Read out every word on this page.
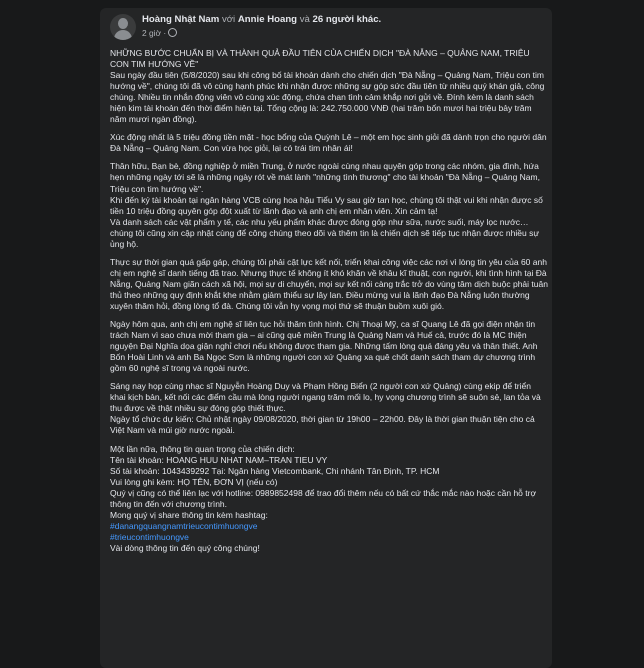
Hoàng Nhật Nam với Annie Hoang và 26 người khác.
2 giờ ·

NHỮNG BƯỚC CHUẨN BỊ VÀ THÀNH QUẢ ĐẦU TIÊN CỦA CHIẾN DỊCH "ĐÀ NẴNG – QUẢNG NAM, TRIỆU CON TIM HƯỚNG VỀ"
Sau ngày đầu tiên (5/8/2020) sau khi công bố tài khoản dành cho chiến dịch "Đà Nẵng – Quảng Nam, Triệu con tim hướng về", chúng tôi đã vô cùng hạnh phúc khi nhận được những sự góp sức đầu tiên từ nhiều quý khán giả, công chúng. Nhiều tin nhắn động viên vô cùng xúc động, chứa chan tình cảm khắp nơi gửi về. Đính kèm là danh sách hiện kim tài khoản đến thời điểm hiện tại. Tổng cộng là: 242.750.000 VNĐ (hai trăm bốn mươi hai triệu bảy trăm năm mươi ngàn đồng).

Xúc động nhất là 5 triệu đồng tiền mặt - học bổng của Quỳnh Lê – một em học sinh giỏi đã dành trọn cho người dân Đà Nẵng – Quảng Nam. Con vừa học giỏi, lại có trái tim nhân ái!

Thân hữu, Bạn bè, đồng nghiệp ở miền Trung, ở nước ngoài cùng nhau quyên góp trong các nhóm, gia đình, hứa hẹn những ngày tới sẽ là những ngày rót về mát lành "những tình thương" cho tài khoản "Đà Nẵng – Quảng Nam, Triệu con tim hướng về".
Khi đến ký tài khoản tại ngân hàng VCB cùng hoa hậu Tiểu Vy sau giờ tan học, chúng tôi thật vui khi nhận được số tiền 10 triệu đồng quyên góp đột xuất từ lãnh đạo và anh chị em nhân viên. Xin cảm tạ!
Và danh sách các vật phẩm y tế, các nhu yếu phẩm khác được đóng góp như sữa, nước suối, máy lọc nước…chúng tôi cũng xin cập nhật cùng để công chúng theo dõi và thêm tin là chiến dịch sẽ tiếp tục nhận được nhiều sự ủng hộ.

Thực sự thời gian quá gấp gáp, chúng tôi phải cật lực kết nối, triển khai công việc các nơi vì lòng tin yêu của 60 anh chị em nghệ sĩ danh tiếng đã trao. Nhưng thực tế không ít khó khăn về khâu kĩ thuật, con người, khi tình hình tại Đà Nẵng, Quảng Nam giãn cách xã hội, mọi sự di chuyển, mọi sự kết nối càng trắc trở do vùng tâm dịch buộc phải tuân thủ theo những quy định khắt khe nhằm giảm thiểu sự lây lan. Điều mừng vui là lãnh đạo Đà Nẵng luôn thường xuyên thăm hỏi, đồng lòng tổ đà. Chúng tôi vẫn hy vọng mọi thứ sẽ thuận buồm xuôi gió.

Ngày hôm qua, anh chị em nghệ sĩ liên tục hỏi thăm tình hình. Chị Thoại Mỹ, ca sĩ Quang Lê đã gọi điện nhận tin trách Nam vì sao chưa mời tham gia – ai cũng quê miền Trung là Quảng Nam và Huế cả, trước đó là MC thiện nguyện Đại Nghĩa dọa giận nghỉ chơi nếu không được tham gia. Những tấm lòng quá đáng yêu và thân thiết. Anh Bốn Hoài Linh và anh Ba Ngọc Sơn là những người con xứ Quảng xa quê chốt danh sách tham dự chương trình gồm 60 nghệ sĩ trong và ngoài nước.

Sáng nay họp cùng nhạc sĩ Nguyễn Hoàng Duy và Phạm Hồng Biển (2 người con xứ Quảng) cùng ekip để triển khai kịch bản, kết nối các điểm cầu mà lòng người ngang trăm mối lo, hy vọng chương trình sẽ suôn sẻ, lan tỏa và thu được về thật nhiều sự đóng góp thiết thực.
Ngày tổ chức dự kiến: Chủ nhật ngày 09/08/2020, thời gian từ 19h00 – 22h00. Đây là thời gian thuận tiện cho cả Việt Nam và múi giờ nước ngoài.

Một lần nữa, thông tin quan trọng của chiến dịch:
Tên tài khoản: HOANG HUU NHAT NAM–TRAN TIEU VY
Số tài khoản: 1043439292 Tại: Ngân hàng Vietcombank, Chi nhánh Tân Định, TP. HCM
Vui lòng ghi kèm: HỌ TÊN, ĐƠN VỊ (nếu có)
Quý vị cũng có thể liên lạc với hotline: 0989852498 để trao đổi thêm nếu có bất cứ thắc mắc nào hoặc cần hỗ trợ thông tin đến với chương trình.
Mong quý vị share thông tin kèm hashtag:
#danangquangnamtrieucontimhuongve
#trieucontimhuongve
Vài dòng thông tin đến quý công chúng!
